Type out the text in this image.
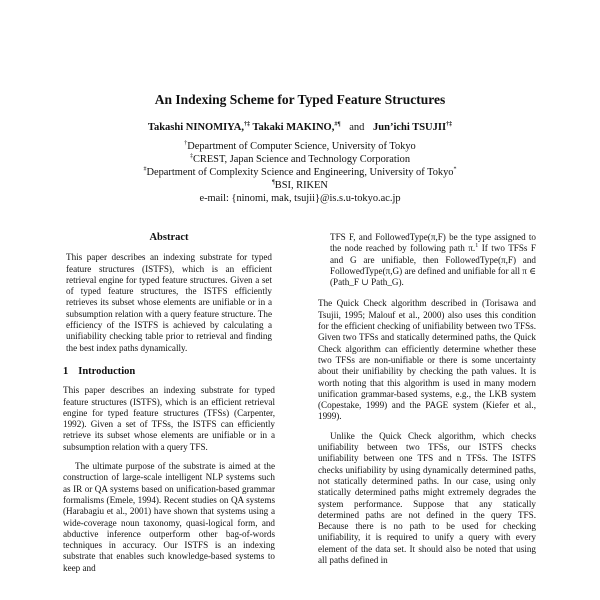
An Indexing Scheme for Typed Feature Structures
Takashi NINOMIYA,†‡ Takaki MAKINO,#¶ and Jun’ichi TSUJII†‡
†Department of Computer Science, University of Tokyo
‡CREST, Japan Science and Technology Corporation
#Department of Complexity Science and Engineering, University of Tokyo*
¶BSI, RIKEN
e-mail: {ninomi, mak, tsujii}@is.s.u-tokyo.ac.jp
Abstract

This paper describes an indexing substrate for typed feature structures (ISTFS), which is an efficient retrieval engine for typed feature structures. Given a set of typed feature structures, the ISTFS efficiently retrieves its subset whose elements are unifiable or in a subsumption relation with a query feature structure. The efficiency of the ISTFS is achieved by calculating a unifiability checking table prior to retrieval and finding the best index paths dynamically.

1 Introduction

This paper describes an indexing substrate for typed feature structures (ISTFS), which is an efficient retrieval engine for typed feature structures (TFSs) (Carpenter, 1992). Given a set of TFSs, the ISTFS can efficiently retrieve its subset whose elements are unifiable or in a subsumption relation with a query TFS.

The ultimate purpose of the substrate is aimed at the construction of large-scale intelligent NLP systems such as IR or QA systems based on unification-based grammar formalisms (Emele, 1994). Recent studies on QA systems (Harabagiu et al., 2001) have shown that systems using a wide-coverage noun taxonomy, quasi-logical form, and abductive inference outperform other bag-of-words techniques in accuracy. Our ISTFS is an indexing substrate that enables such knowledge-based systems to keep and

TFS F, and FollowedType(π,F) be the type assigned to the node reached by following path π.$^1$ If two TFSs F and G are unifiable, then FollowedType(π,F) and FollowedType(π,G) are defined and unifiable for all π ∈ (Path_F ∪ Path_G).

The Quick Check algorithm described in (Torisawa and Tsujii, 1995; Malouf et al., 2000) also uses this condition for the efficient checking of unifiability between two TFSs. Given two TFSs and statically determined paths, the Quick Check algorithm can efficiently determine whether these two TFSs are non-unifiable or there is some uncertainty about their unifiability by checking the path values. It is worth noting that this algorithm is used in many modern unification grammar-based systems, e.g., the LKB system (Copestake, 1999) and the PAGE system (Kiefer et al., 1999).

Unlike the Quick Check algorithm, which checks unifiability between two TFSs, our ISTFS checks unifiability between one TFS and n TFSs. The ISTFS checks unifiability by using dynamically determined paths, not statically determined paths. In our case, using only statically determined paths might extremely degrades the system performance. Suppose that any statically determined paths are not defined in the query TFS. Because there is no path to be used for checking unifiability, it is required to unify a query with every element of the data set. It should also be noted that using all paths defined in
